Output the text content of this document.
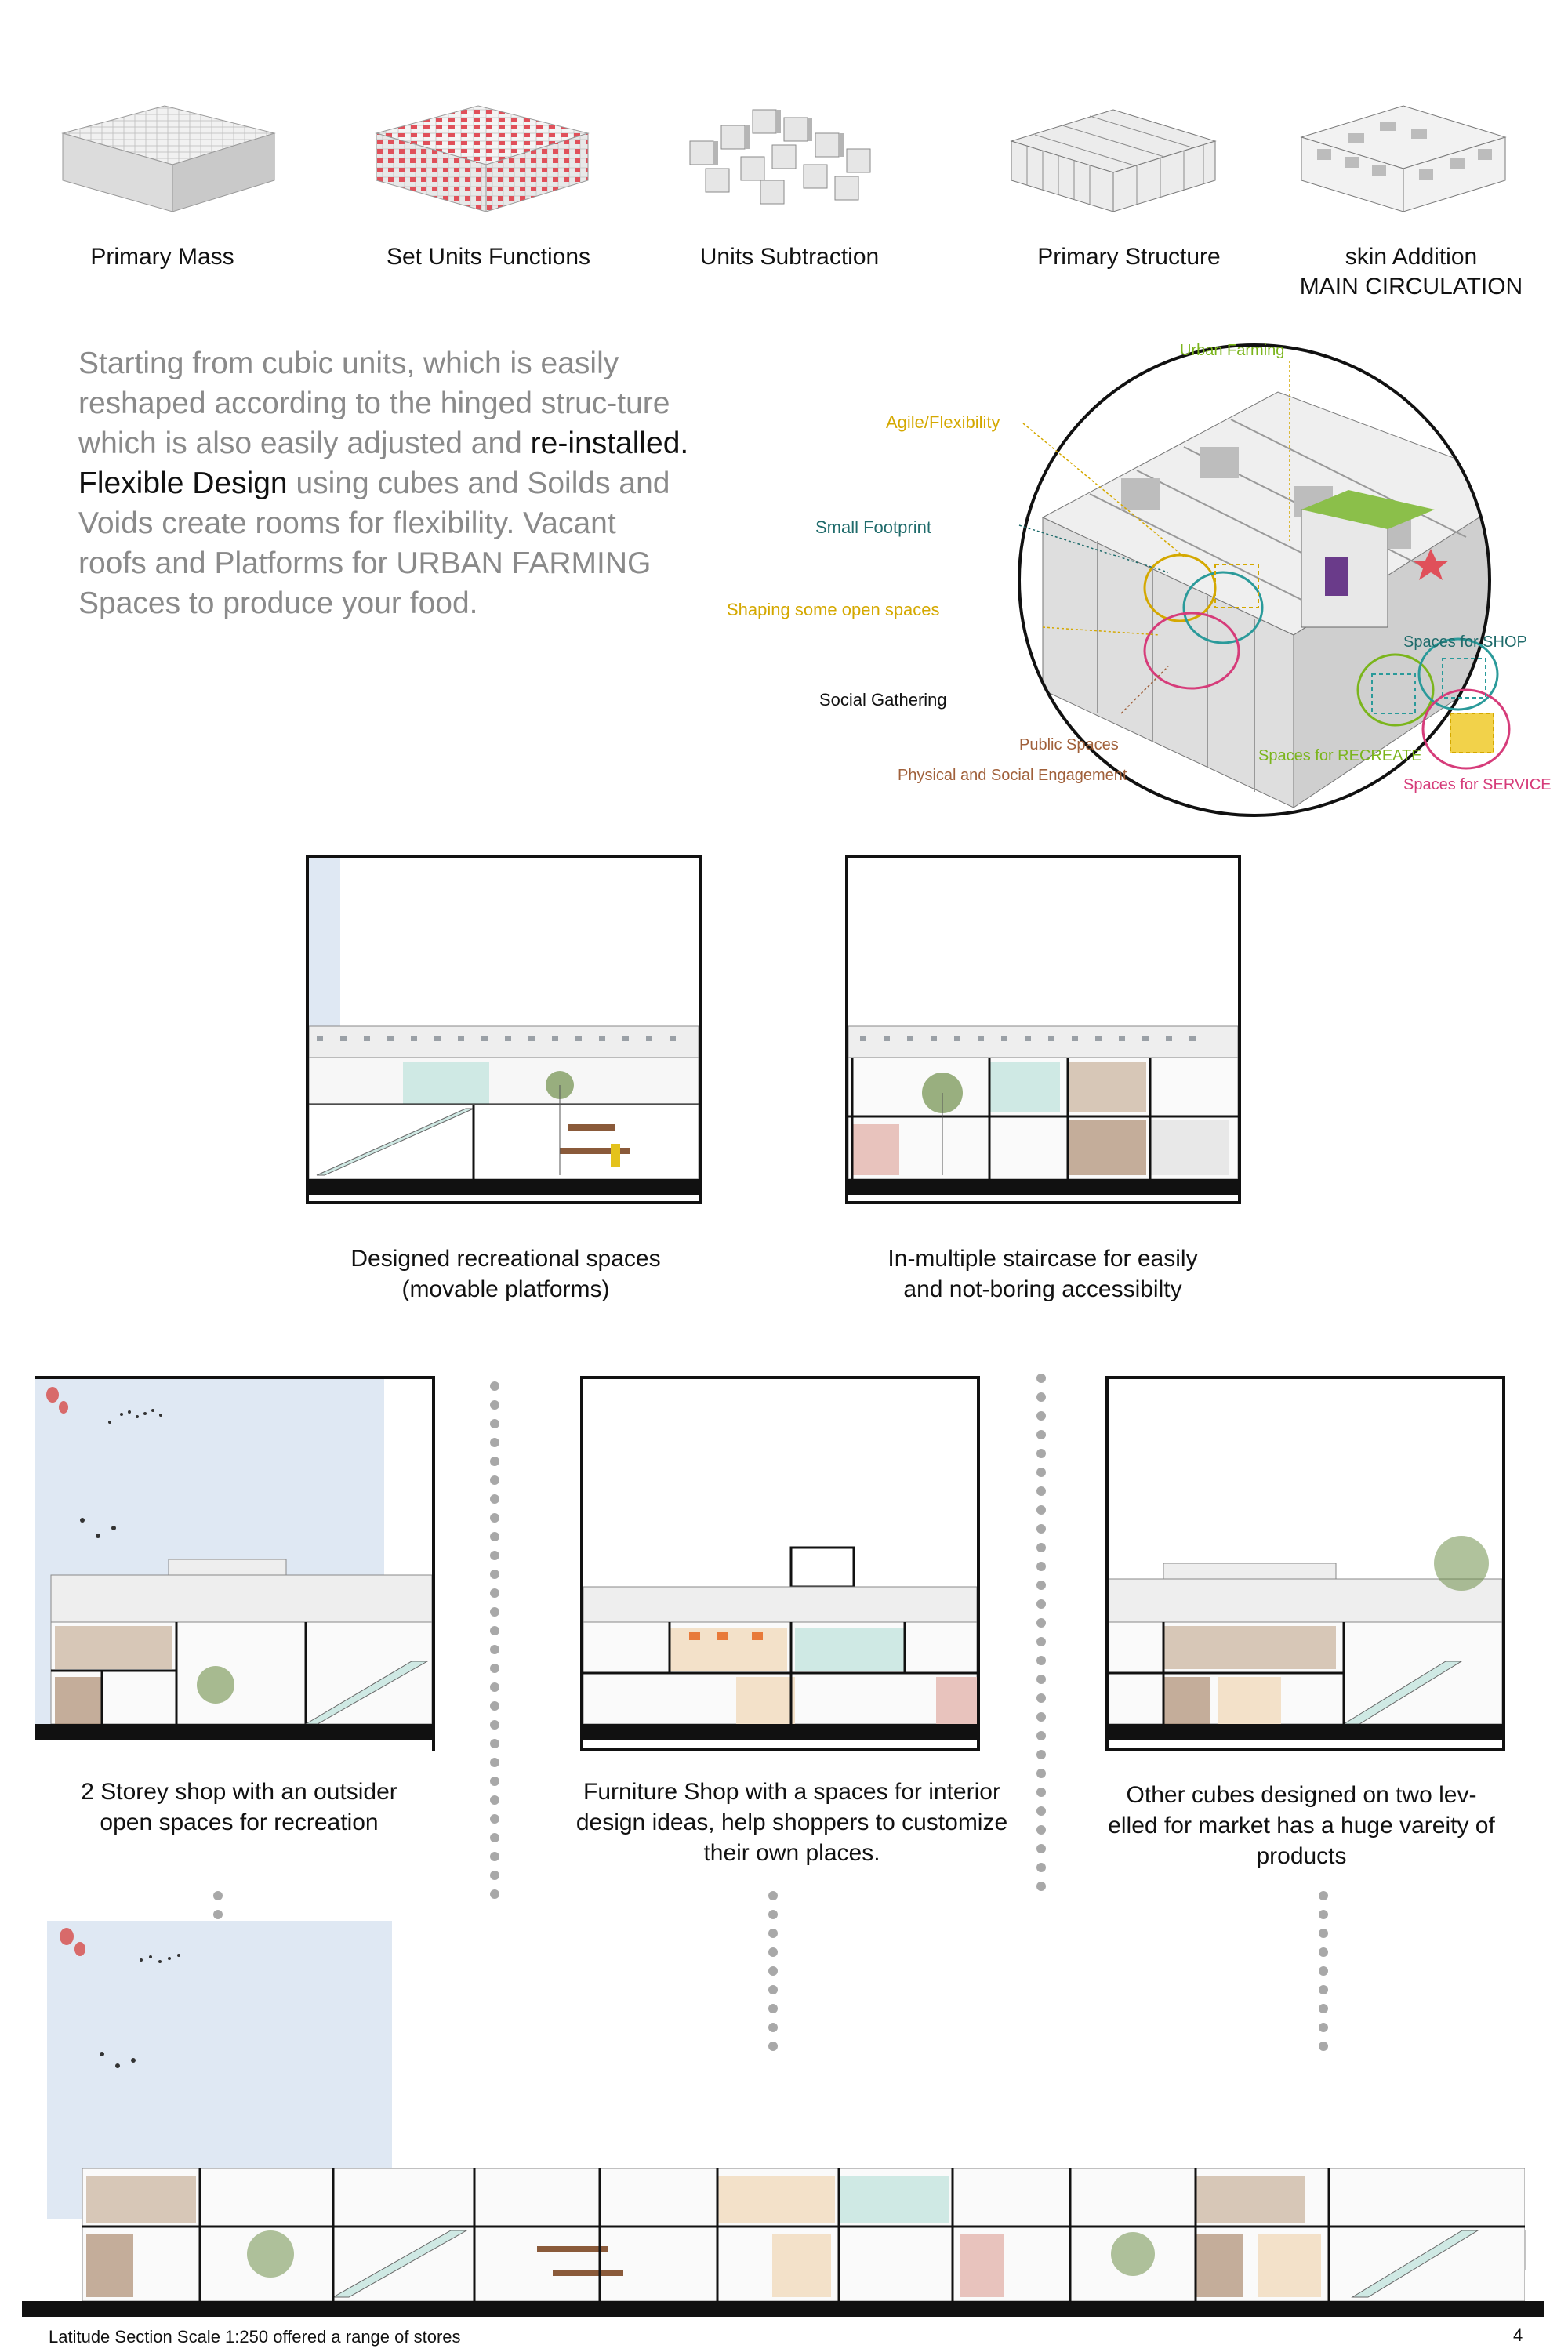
Primary Mass	Set Units Functions	Units Subtraction	Primary Structure	skin Addition
MAIN CIRCULATION
Starting from cubic units, which is easily reshaped according to the hinged struc-ture which is also easily adjusted and re-installed.
Flexible Design using cubes and Soilds and Voids create rooms for flexibility. Vacant roofs and Platforms for URBAN FARMING Spaces to produce your food.
Urban Farming
Agile/Flexibility
Small Footprint
Shaping some open spaces
Social Gathering
Public Spaces
Physical and Social Engagement
Spaces for SHOP
Spaces for RECREATE
Spaces for SERVICE
Designed recreational spaces
(movable platforms)
In-multiple staircase for easily
and not-boring accessibilty
2 Storey shop with an outsider
open spaces for recreation
Furniture Shop with a spaces for interior
design ideas, help shoppers to customize
their own places.
Other cubes designed on two lev-
elled for market has a huge vareity of
products
Latitude Section Scale 1:250 offered a range of stores	4
